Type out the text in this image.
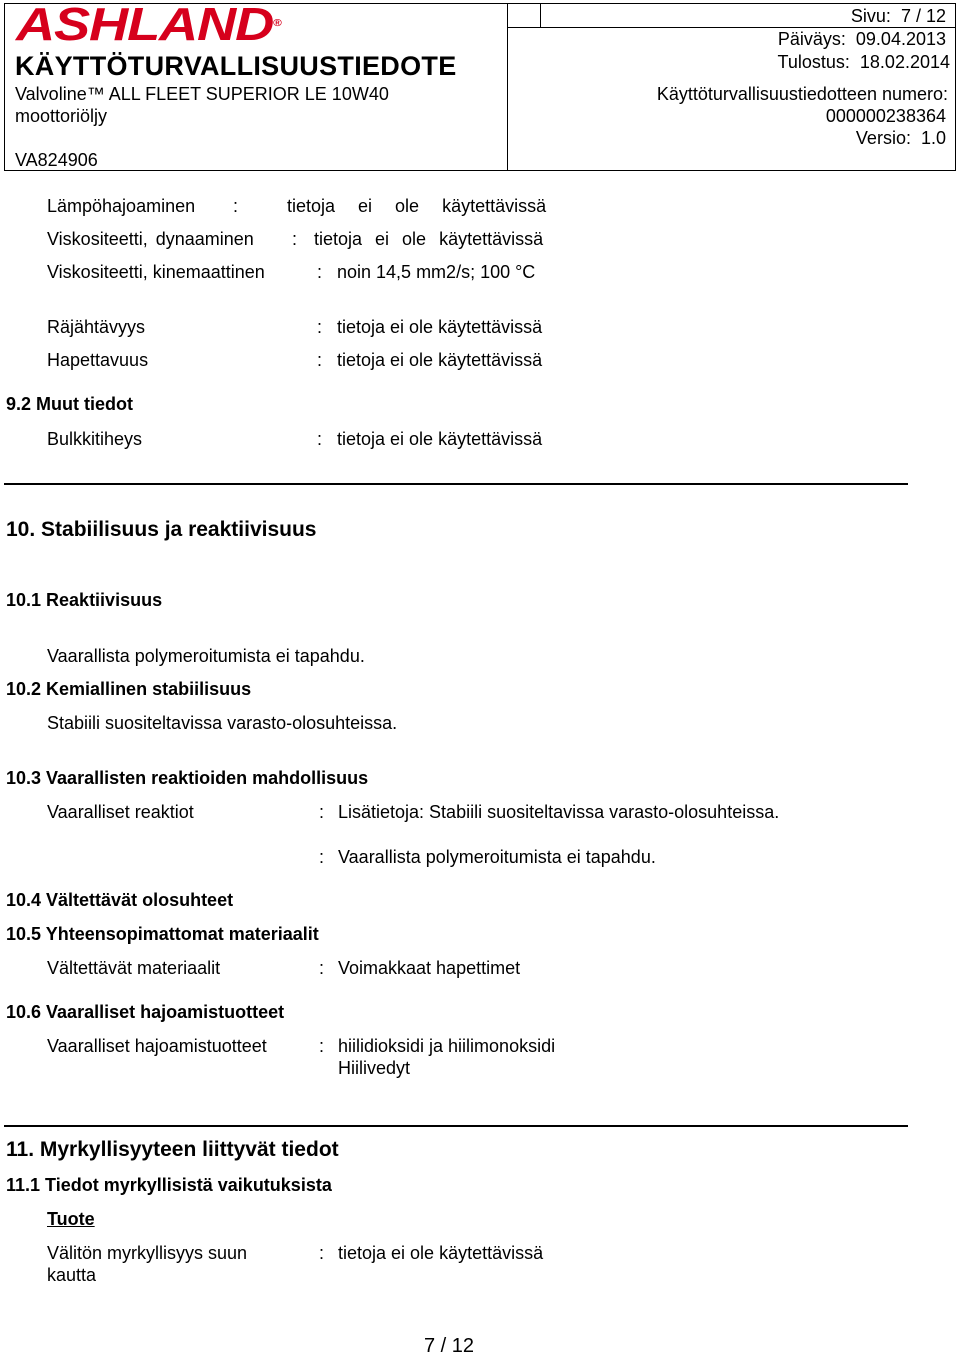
ASHLAND®
KÄYTTÖTURVALLISUUSTIEDOTE
Valvoline™ ALL FLEET SUPERIOR LE 10W40
moottoriöljy
VA824906
Sivu: 7 / 12
Päiväys: 09.04.2013
Tulostus: 18.02.2014
Käyttöturvallisuustiedotteen numero:
000000238364
Versio: 1.0
Lämpöhajoaminen :	tietoja ei ole käytettävissä
Viskositeetti, dynaaminen : tietoja ei ole käytettävissä
Viskositeetti, kinemaattinen	: noin 14,5 mm2/s; 100 °C
Räjähtävyys	: tietoja ei ole käytettävissä
Hapettavuus	: tietoja ei ole käytettävissä
9.2 Muut tiedot
Bulkkitiheys	: tietoja ei ole käytettävissä
10. Stabiilisuus ja reaktiivisuus
10.1 Reaktiivisuus
Vaarallista polymeroitumista ei tapahdu.
10.2 Kemiallinen stabiilisuus
Stabiili suositeltavissa varasto-olosuhteissa.
10.3 Vaarallisten reaktioiden mahdollisuus
Vaaralliset reaktiot	: Lisätietoja: Stabiili suositeltavissa varasto-olosuhteissa.
: Vaarallista polymeroitumista ei tapahdu.
10.4 Vältettävät olosuhteet
10.5 Yhteensopimattomat materiaalit
Vältettävät materiaalit	: Voimakkaat hapettimet
10.6 Vaaralliset hajoamistuotteet
Vaaralliset hajoamistuotteet	: hiilidioksidi ja hiilimonoksidi
Hiilivedyt
11. Myrkyllisyyteen liittyvät tiedot
11.1 Tiedot myrkyllisistä vaikutuksista
Tuote
Välitön myrkyllisyys suun
kautta
: tietoja ei ole käytettävissä
7 / 12
